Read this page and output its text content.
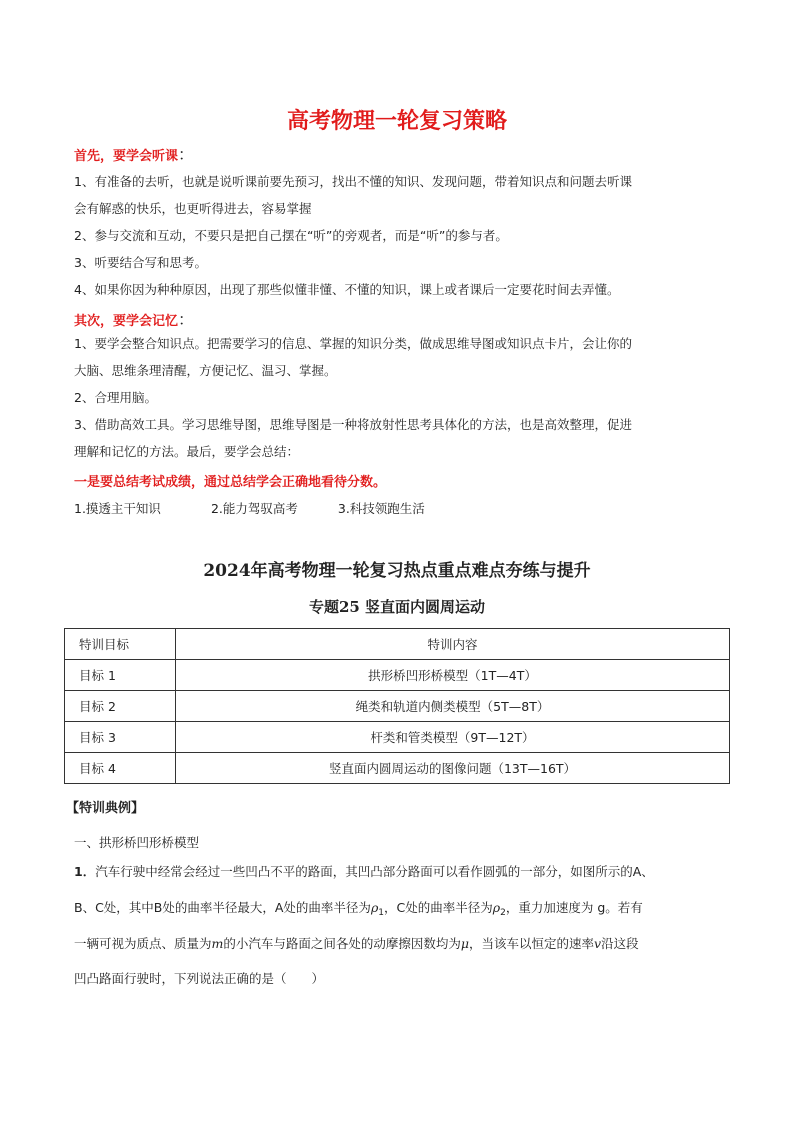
高考物理一轮复习策略
首先，要学会听课：
1、有准备的去听，也就是说听课前要先预习，找出不懂的知识、发现问题，带着知识点和问题去听课
会有解惑的快乐，也更听得进去，容易掌握
2、参与交流和互动，不要只是把自己摆在“听”的旁观者，而是“听”的参与者。
3、听要结合写和思考。
4、如果你因为种种原因，出现了那些似懂非懂、不懂的知识，课上或者课后一定要花时间去弄懂。
其次，要学会记忆：
1、要学会整合知识点。把需要学习的信息、掌握的知识分类，做成思维导图或知识点卡片，会让你的
大脑、思维条理清醒，方便记忆、温习、掌握。
2、合理用脑。
3、借助高效工具。学习思维导图，思维导图是一种将放射性思考具体化的方法，也是高效整理，促进
理解和记忆的方法。最后，要学会总结：
一是要总结考试成绩，通过总结学会正确地看待分数。
1.摸透主干知识	2.能力驾驭高考	3.科技领跑生活
2024年高考物理一轮复习热点重点难点夯练与提升
专题25 竖直面内圆周运动
特训目标	特训内容
目标 1	拱形桥凹形桥模型（1T—4T）
目标 2	绳类和轨道内侧类模型（5T—8T）
目标 3	杆类和管类模型（9T—12T）
目标 4	竖直面内圆周运动的图像问题（13T—16T）
【特训典例】
一、拱形桥凹形桥模型
1．汽车行驶中经常会经过一些凹凸不平的路面，其凹凸部分路面可以看作圆弧的一部分，如图所示的A、
B、C处，其中B处的曲率半径最大，A处的曲率半径为$\rho_1$，C处的曲率半径为$\rho_2$，重力加速度为 g。若有
一辆可视为质点、质量为m的小汽车与路面之间各处的动摩擦因数均为μ，当该车以恒定的速率v沿这段
凹凸路面行驶时，下列说法正确的是（　　）
